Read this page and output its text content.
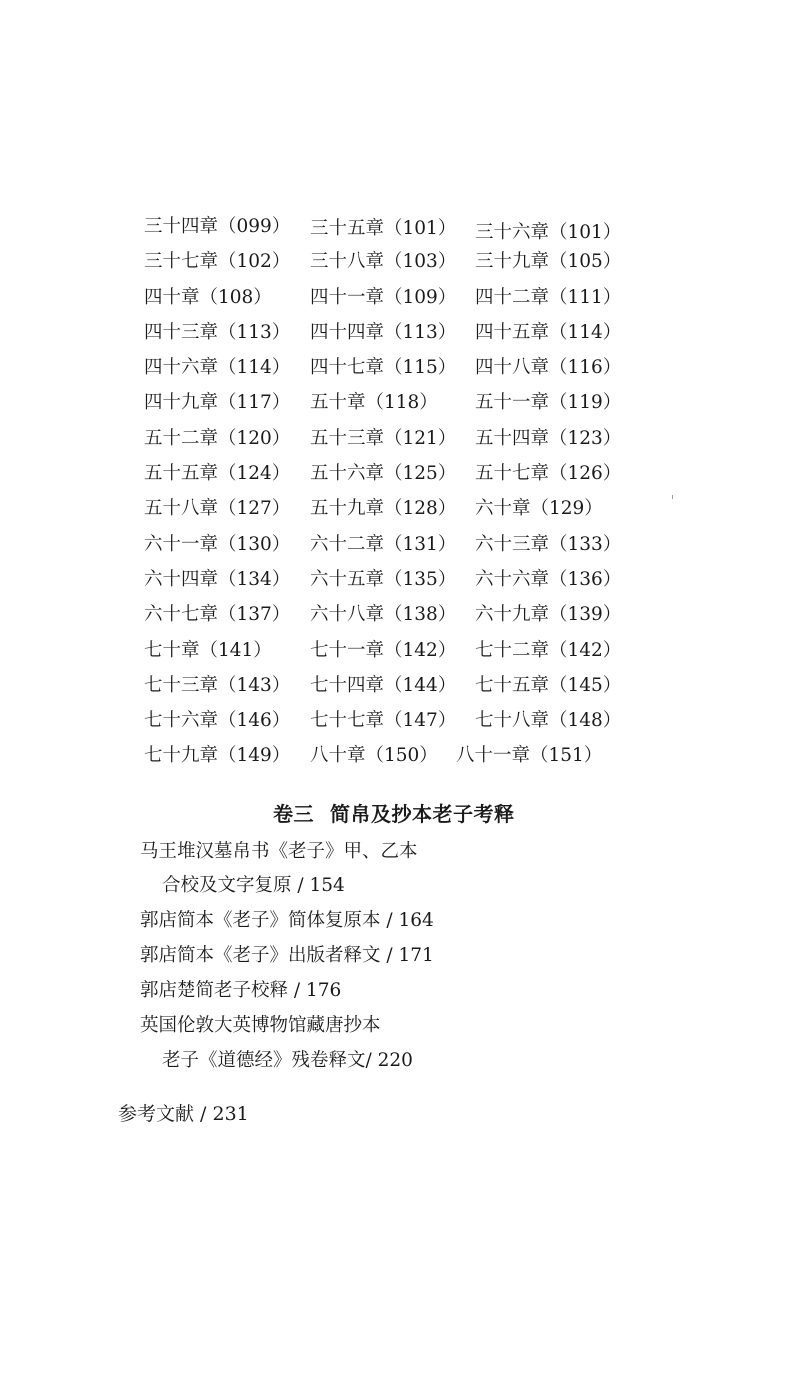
三十四章（099） 三十五章（101） 三十六章（101）
三十七章（102） 三十八章（103） 三十九章（105）
四十章（108） 四十一章（109） 四十二章（111）
四十三章（113） 四十四章（113） 四十五章（114）
四十六章（114） 四十七章（115） 四十八章（116）
四十九章（117） 五十章（118） 五十一章（119）
五十二章（120） 五十三章（121） 五十四章（123）
五十五章（124） 五十六章（125） 五十七章（126）
五十八章（127） 五十九章（128） 六十章（129）
六十一章（130） 六十二章（131） 六十三章（133）
六十四章（134） 六十五章（135） 六十六章（136）
六十七章（137） 六十八章（138） 六十九章（139）
七十章（141） 七十一章（142） 七十二章（142）
七十三章（143） 七十四章（144） 七十五章（145）
七十六章（146） 七十七章（147） 七十八章（148）
七十九章（149） 八十章（150） 八十一章（151）
卷三 简帛及抄本老子考释
马王堆汉墓帛书《老子》甲、乙本
合校及文字复原 / 154
郭店简本《老子》简体复原本 / 164
郭店简本《老子》出版者释文 / 171
郭店楚简老子校释 / 176
英国伦敦大英博物馆藏唐抄本
老子《道德经》残卷释文/ 220
参考文献 / 231
